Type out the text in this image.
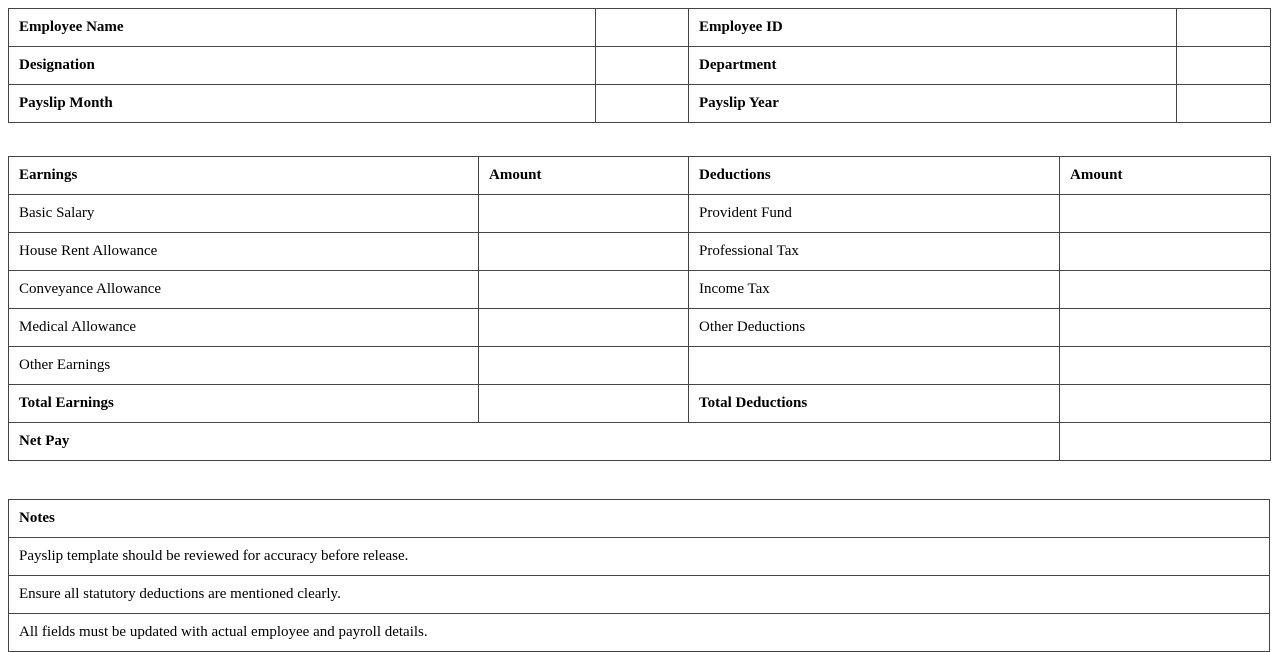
Employee Name		Employee ID	
Designation		Department	
Payslip Month		Payslip Year	
Earnings	Amount	Deductions	Amount
Basic Salary		Provident Fund	
House Rent Allowance		Professional Tax	
Conveyance Allowance		Income Tax	
Medical Allowance		Other Deductions	
Other Earnings			
Total Earnings		Total Deductions	
Net Pay			
Notes
Payslip template should be reviewed for accuracy before release.
Ensure all statutory deductions are mentioned clearly.
All fields must be updated with actual employee and payroll details.
